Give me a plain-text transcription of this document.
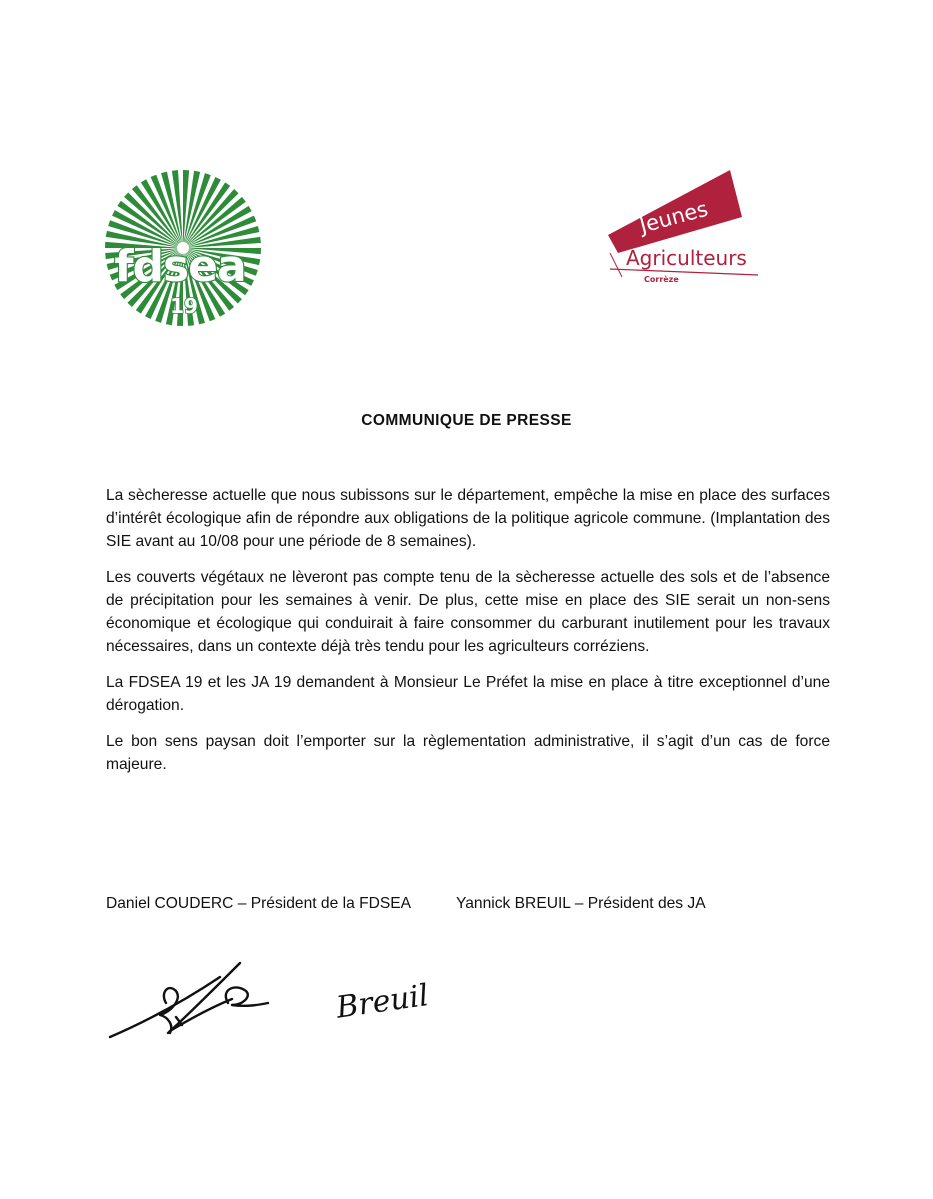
fdsea
19
Jeunes
Agriculteurs
Corrèze
COMMUNIQUE DE PRESSE

La sècheresse actuelle que nous subissons sur le département, empêche la mise en place des surfaces d’intérêt écologique afin de répondre aux obligations de la politique agricole commune. (Implantation des SIE avant au 10/08 pour une période de 8 semaines).

Les couverts végétaux ne lèveront pas compte tenu de la sècheresse actuelle des sols et de l’absence de précipitation pour les semaines à venir. De plus, cette mise en place des SIE serait un non-sens économique et écologique qui conduirait à faire consommer du carburant inutilement pour les travaux nécessaires, dans un contexte déjà très tendu pour les agriculteurs corréziens.

La FDSEA 19 et les JA 19 demandent à Monsieur Le Préfet la mise en place à titre exceptionnel d’une dérogation.

Le bon sens paysan doit l’emporter sur la règlementation administrative, il s’agit d’un cas de force majeure.

Daniel COUDERC – Président de la FDSEA	Yannick BREUIL – Président des JA
Breuil
